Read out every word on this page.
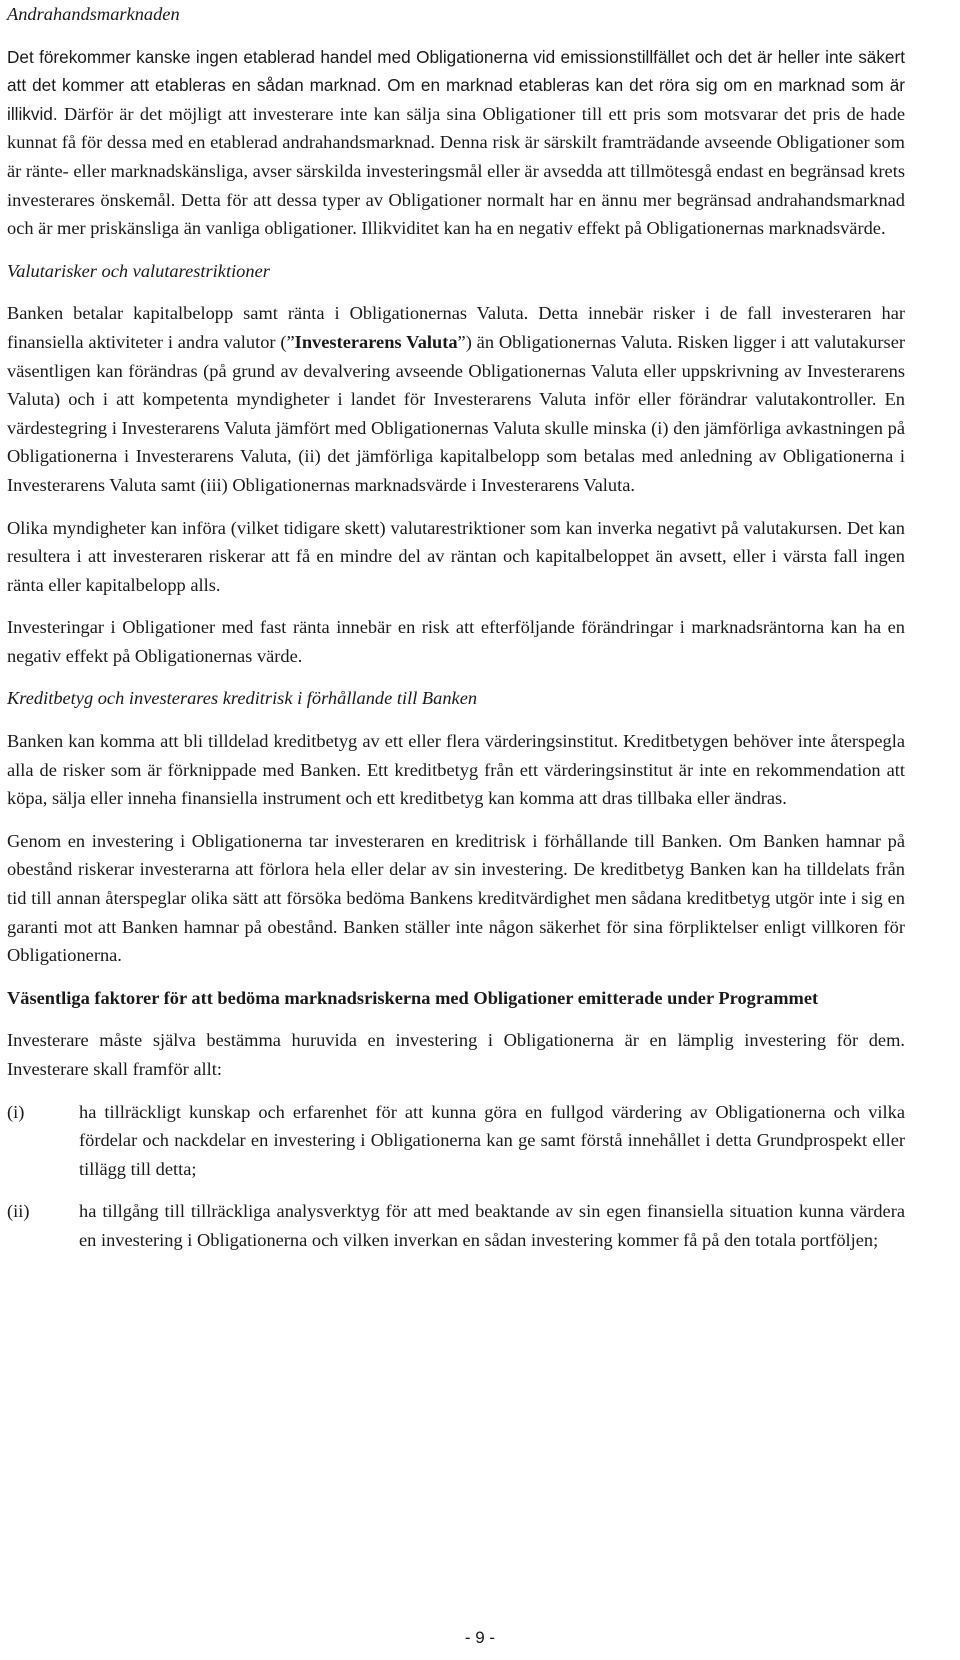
Andrahandsmarknaden

Det förekommer kanske ingen etablerad handel med Obligationerna vid emissionstillfället och det är heller inte säkert att det kommer att etableras en sådan marknad. Om en marknad etableras kan det röra sig om en marknad som är illikvid. Därför är det möjligt att investerare inte kan sälja sina Obligationer till ett pris som motsvarar det pris de hade kunnat få för dessa med en etablerad andrahandsmarknad. Denna risk är särskilt framträdande avseende Obligationer som är ränte- eller marknadskänsliga, avser särskilda investeringsmål eller är avsedda att tillmötesgå endast en begränsad krets investerares önskemål. Detta för att dessa typer av Obligationer normalt har en ännu mer begränsad andrahandsmarknad och är mer priskänsliga än vanliga obligationer. Illikviditet kan ha en negativ effekt på Obligationernas marknadsvärde.

Valutarisker och valutarestriktioner

Banken betalar kapitalbelopp samt ränta i Obligationernas Valuta. Detta innebär risker i de fall investeraren har finansiella aktiviteter i andra valutor (”Investerarens Valuta”) än Obligationernas Valuta. Risken ligger i att valutakurser väsentligen kan förändras (på grund av devalvering avseende Obligationernas Valuta eller uppskrivning av Investerarens Valuta) och i att kompetenta myndigheter i landet för Investerarens Valuta inför eller förändrar valutakontroller. En värdestegring i Investerarens Valuta jämfört med Obligationernas Valuta skulle minska (i) den jämförliga avkastningen på Obligationerna i Investerarens Valuta, (ii) det jämförliga kapitalbelopp som betalas med anledning av Obligationerna i Investerarens Valuta samt (iii) Obligationernas marknadsvärde i Investerarens Valuta.

Olika myndigheter kan införa (vilket tidigare skett) valutarestriktioner som kan inverka negativt på valutakursen. Det kan resultera i att investeraren riskerar att få en mindre del av räntan och kapitalbeloppet än avsett, eller i värsta fall ingen ränta eller kapitalbelopp alls.

Investeringar i Obligationer med fast ränta innebär en risk att efterföljande förändringar i marknadsräntorna kan ha en negativ effekt på Obligationernas värde.

Kreditbetyg och investerares kreditrisk i förhållande till Banken

Banken kan komma att bli tilldelad kreditbetyg av ett eller flera värderingsinstitut. Kreditbetygen behöver inte återspegla alla de risker som är förknippade med Banken. Ett kreditbetyg från ett värderingsinstitut är inte en rekommendation att köpa, sälja eller inneha finansiella instrument och ett kreditbetyg kan komma att dras tillbaka eller ändras.

Genom en investering i Obligationerna tar investeraren en kreditrisk i förhållande till Banken. Om Banken hamnar på obestånd riskerar investerarna att förlora hela eller delar av sin investering. De kreditbetyg Banken kan ha tilldelats från tid till annan återspeglar olika sätt att försöka bedöma Bankens kreditvärdighet men sådana kreditbetyg utgör inte i sig en garanti mot att Banken hamnar på obestånd. Banken ställer inte någon säkerhet för sina förpliktelser enligt villkoren för Obligationerna.

Väsentliga faktorer för att bedöma marknadsriskerna med Obligationer emitterade under Programmet

Investerare måste själva bestämma huruvida en investering i Obligationerna är en lämplig investering för dem. Investerare skall framför allt:

(i)	ha tillräckligt kunskap och erfarenhet för att kunna göra en fullgod värdering av Obligationerna och vilka fördelar och nackdelar en investering i Obligationerna kan ge samt förstå innehållet i detta Grundprospekt eller tillägg till detta;
(ii)	ha tillgång till tillräckliga analysverktyg för att med beaktande av sin egen finansiella situation kunna värdera en investering i Obligationerna och vilken inverkan en sådan investering kommer få på den totala portföljen;
- 9 -
